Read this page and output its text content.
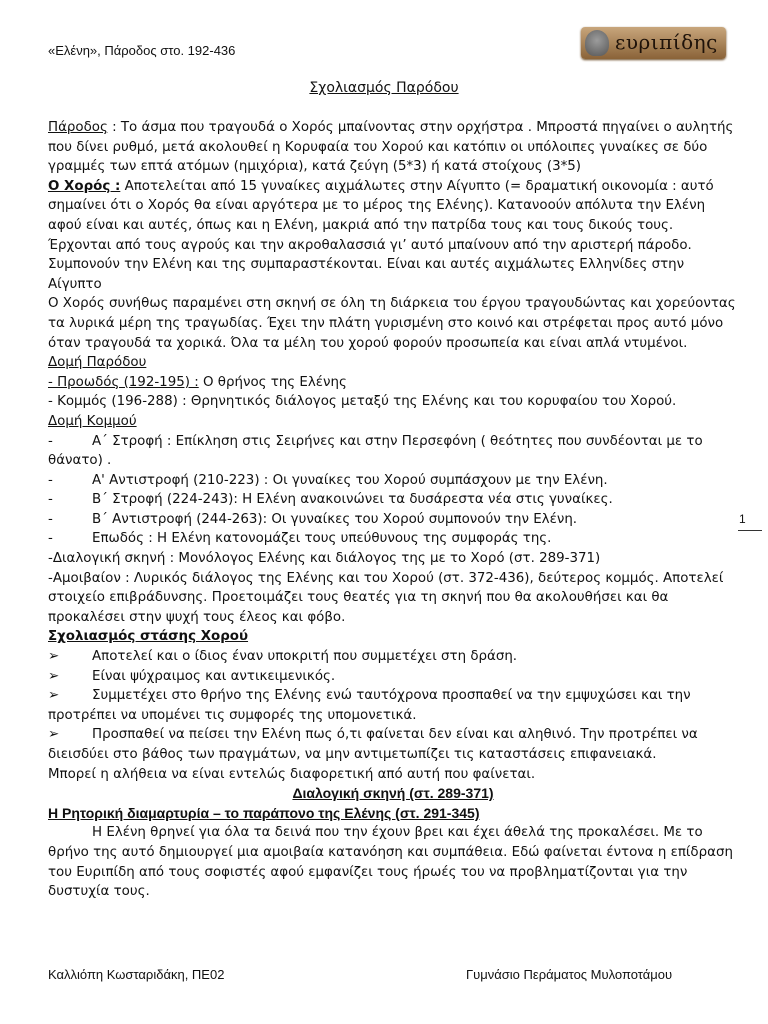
«Ελένη», Πάροδος στο. 192-436	ευριπίδης
Σχολιασμός Παρόδου

Πάροδος : Το άσμα που τραγουδά ο Χορός μπαίνοντας στην ορχήστρα . Μπροστά πηγαίνει ο αυλητής που δίνει ρυθμό, μετά ακολουθεί η Κορυφαία του Χορού και κατόπιν οι υπόλοιπες γυναίκες σε δύο γραμμές των επτά ατόμων (ημιχόρια), κατά ζεύγη (5*3) ή κατά στοίχους (3*5)

Ο Χορός : Αποτελείται από 15 γυναίκες αιχμάλωτες στην Αίγυπτο (= δραματική οικονομία : αυτό σημαίνει ότι ο Χορός θα είναι αργότερα με το μέρος της Ελένης). Κατανοούν απόλυτα την Ελένη αφού είναι και αυτές, όπως και η Ελένη, μακριά από την πατρίδα τους και τους δικούς τους. Έρχονται από τους αγρούς και την ακροθαλασσιά γι’ αυτό μπαίνουν από την αριστερή πάροδο. Συμπονούν την Ελένη και της συμπαραστέκονται. Είναι και αυτές αιχμάλωτες Ελληνίδες στην Αίγυπτο

Ο Χορός συνήθως παραμένει στη σκηνή σε όλη τη διάρκεια του έργου τραγουδώντας και χορεύοντας τα λυρικά μέρη της τραγωδίας. Έχει την πλάτη γυρισμένη στο κοινό και στρέφεται προς αυτό μόνο όταν τραγουδά τα χορικά. Όλα τα μέλη του χορού φορούν προσωπεία και είναι απλά ντυμένοι.

Δομή Παρόδου

- Προωδός (192-195) : Ο θρήνος της Ελένης

- Κομμός (196-288) : Θρηνητικός διάλογος μεταξύ της Ελένης και του κορυφαίου του Χορού.

Δομή Κομμού

-	Α΄ Στροφή : Επίκληση στις Σειρήνες και στην Περσεφόνη ( θεότητες που συνδέονται με το θάνατο) .

-	Α' Αντιστροφή (210-223) : Οι γυναίκες του Χορού συμπάσχουν με την Ελένη.

-	Β΄ Στροφή (224-243): Η Ελένη ανακοινώνει τα δυσάρεστα νέα στις γυναίκες.

-	Β΄ Αντιστροφή (244-263): Οι γυναίκες του Χορού συμπονούν την Ελένη.

-	Επωδός : Η Ελένη κατονομάζει τους υπεύθυνους της συμφοράς της.

-Διαλογική σκηνή : Μονόλογος Ελένης και διάλογος της με το Χορό (στ. 289-371)

-Αμοιβαίον : Λυρικός διάλογος της Ελένης και του Χορού (στ. 372-436), δεύτερος κομμός. Αποτελεί στοιχείο επιβράδυνσης. Προετοιμάζει τους θεατές για τη σκηνή που θα ακολουθήσει και θα προκαλέσει στην ψυχή τους έλεος και φόβο.

Σχολιασμός στάσης Χορού

➢ Αποτελεί και ο ίδιος έναν υποκριτή που συμμετέχει στη δράση.

➢ Είναι ψύχραιμος και αντικειμενικός.

➢ Συμμετέχει στο θρήνο της Ελένης ενώ ταυτόχρονα προσπαθεί να την εμψυχώσει και την προτρέπει να υπομένει τις συμφορές της υπομονετικά.

➢ Προσπαθεί να πείσει την Ελένη πως ό,τι φαίνεται δεν είναι και αληθινό. Την προτρέπει να διεισδύει στο βάθος των πραγμάτων, να μην αντιμετωπίζει τις καταστάσεις επιφανειακά.

Μπορεί η αλήθεια να είναι εντελώς διαφορετική από αυτή που φαίνεται.

Διαλογική σκηνή (στ. 289-371)

Η Ρητορική διαμαρτυρία – το παράπονο της Ελένης (στ. 291-345)

Η Ελένη θρηνεί για όλα τα δεινά που την έχουν βρει και έχει άθελά της προκαλέσει. Με το θρήνο της αυτό δημιουργεί μια αμοιβαία κατανόηση και συμπάθεια. Εδώ φαίνεται έντονα η επίδραση του Ευριπίδη από τους σοφιστές αφού εμφανίζει τους ήρωές του να προβληματίζονται για την δυστυχία τους.

1
Καλλιόπη Κωσταριδάκη, ΠΕ02	Γυμνάσιο Περάματος Μυλοποτάμου
